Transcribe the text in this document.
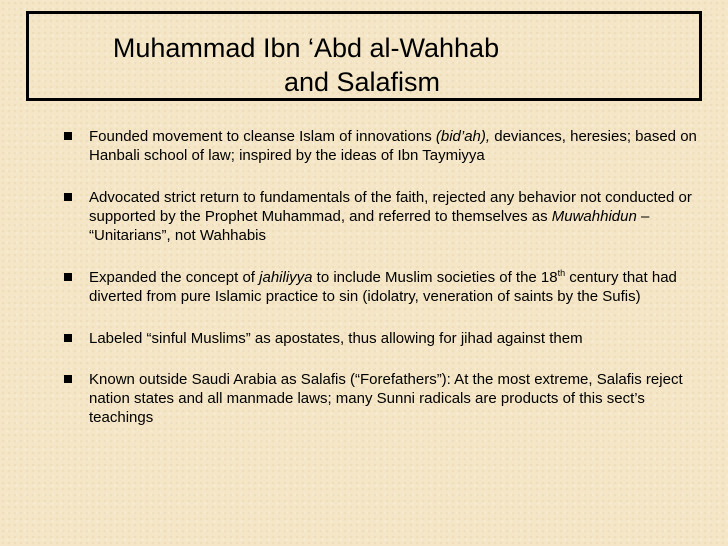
Muhammad Ibn ‘Abd al-Wahhab
and Salafism
Founded movement to cleanse Islam of innovations (bid’ah), deviances, heresies; based on Hanbali school of law; inspired by the ideas of Ibn Taymiyya
Advocated strict return to fundamentals of the faith, rejected any behavior not conducted or supported by the Prophet Muhammad, and referred to themselves as Muwahhidun – “Unitarians”, not Wahhabis
Expanded the concept of jahiliyya to include Muslim societies of the 18th century that had diverted from pure Islamic practice to sin (idolatry, veneration of saints by the Sufis)
Labeled “sinful Muslims” as apostates, thus allowing for jihad against them
Known outside Saudi Arabia as Salafis (“Forefathers”): At the most extreme, Salafis reject nation states and all manmade laws; many Sunni radicals are products of this sect’s teachings
